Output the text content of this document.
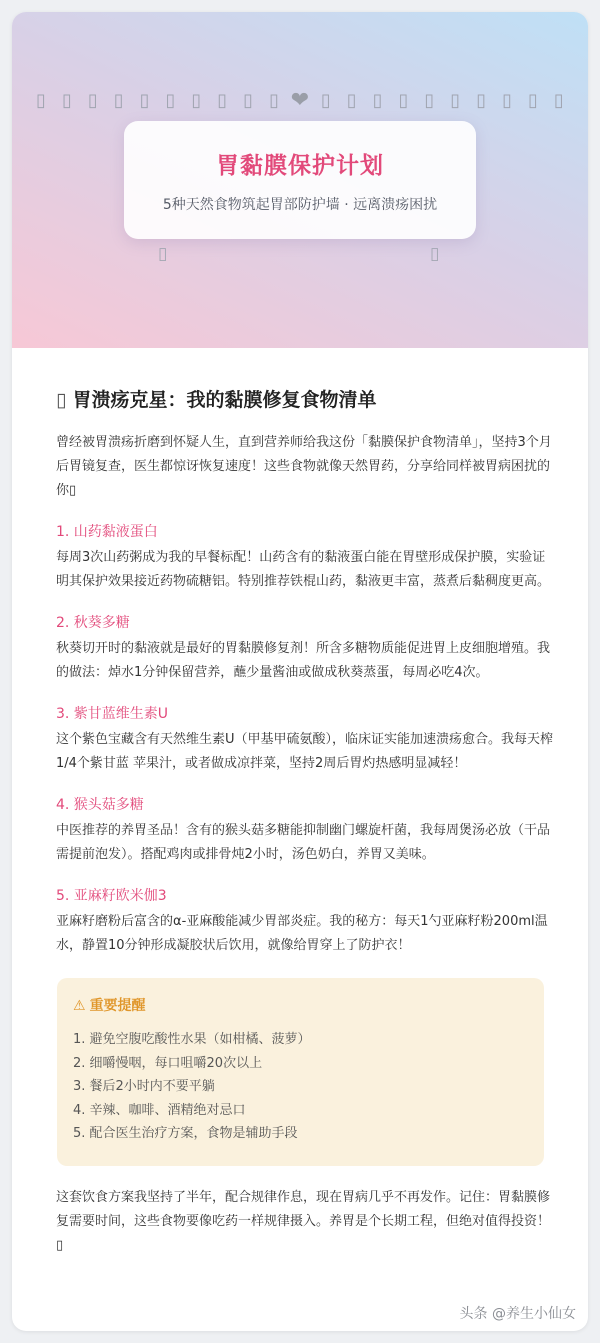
▯ ▯ ▯ ▯ ▯ ▯ ▯ ▯ ▯ ▯ ❤ ▯ ▯ ▯ ▯ ▯ ▯ ▯ ▯ ▯ ▯
胃黏膜保护计划
5种天然食物筑起胃部防护墙 · 远离溃疡困扰
▯	▯
▯ 胃溃疡克星：我的黏膜修复食物清单

曾经被胃溃疡折磨到怀疑人生，直到营养师给我这份「黏膜保护食物清单」，坚持3个月后胃镜复查，医生都惊讶恢复速度！这些食物就像天然胃药，分享给同样被胃病困扰的你▯

1. 山药黏液蛋白

每周3次山药粥成为我的早餐标配！山药含有的黏液蛋白能在胃壁形成保护膜，实验证明其保护效果接近药物硫糖铝。特别推荐铁棍山药，黏液更丰富，蒸煮后黏稠度更高。

2. 秋葵多糖

秋葵切开时的黏液就是最好的胃黏膜修复剂！所含多糖物质能促进胃上皮细胞增殖。我的做法：焯水1分钟保留营养，蘸少量酱油或做成秋葵蒸蛋，每周必吃4次。

3. 紫甘蓝维生素U

这个紫色宝藏含有天然维生素U（甲基甲硫氨酸），临床证实能加速溃疡愈合。我每天榨1/4个紫甘蓝 苹果汁，或者做成凉拌菜，坚持2周后胃灼热感明显减轻！

4. 猴头菇多糖

中医推荐的养胃圣品！含有的猴头菇多糖能抑制幽门螺旋杆菌，我每周煲汤必放（干品需提前泡发）。搭配鸡肉或排骨炖2小时，汤色奶白，养胃又美味。

5. 亚麻籽欧米伽3

亚麻籽磨粉后富含的α-亚麻酸能减少胃部炎症。我的秘方：每天1勺亚麻籽粉200ml温水，静置10分钟形成凝胶状后饮用，就像给胃穿上了防护衣！

⚠ 重要提醒
1. 避免空腹吃酸性水果（如柑橘、菠萝）
2. 细嚼慢咽，每口咀嚼20次以上
3. 餐后2小时内不要平躺
4. 辛辣、咖啡、酒精绝对忌口
5. 配合医生治疗方案，食物是辅助手段

这套饮食方案我坚持了半年，配合规律作息，现在胃病几乎不再发作。记住：胃黏膜修复需要时间，这些食物要像吃药一样规律摄入。养胃是个长期工程，但绝对值得投资！▯

头条 @养生小仙女
